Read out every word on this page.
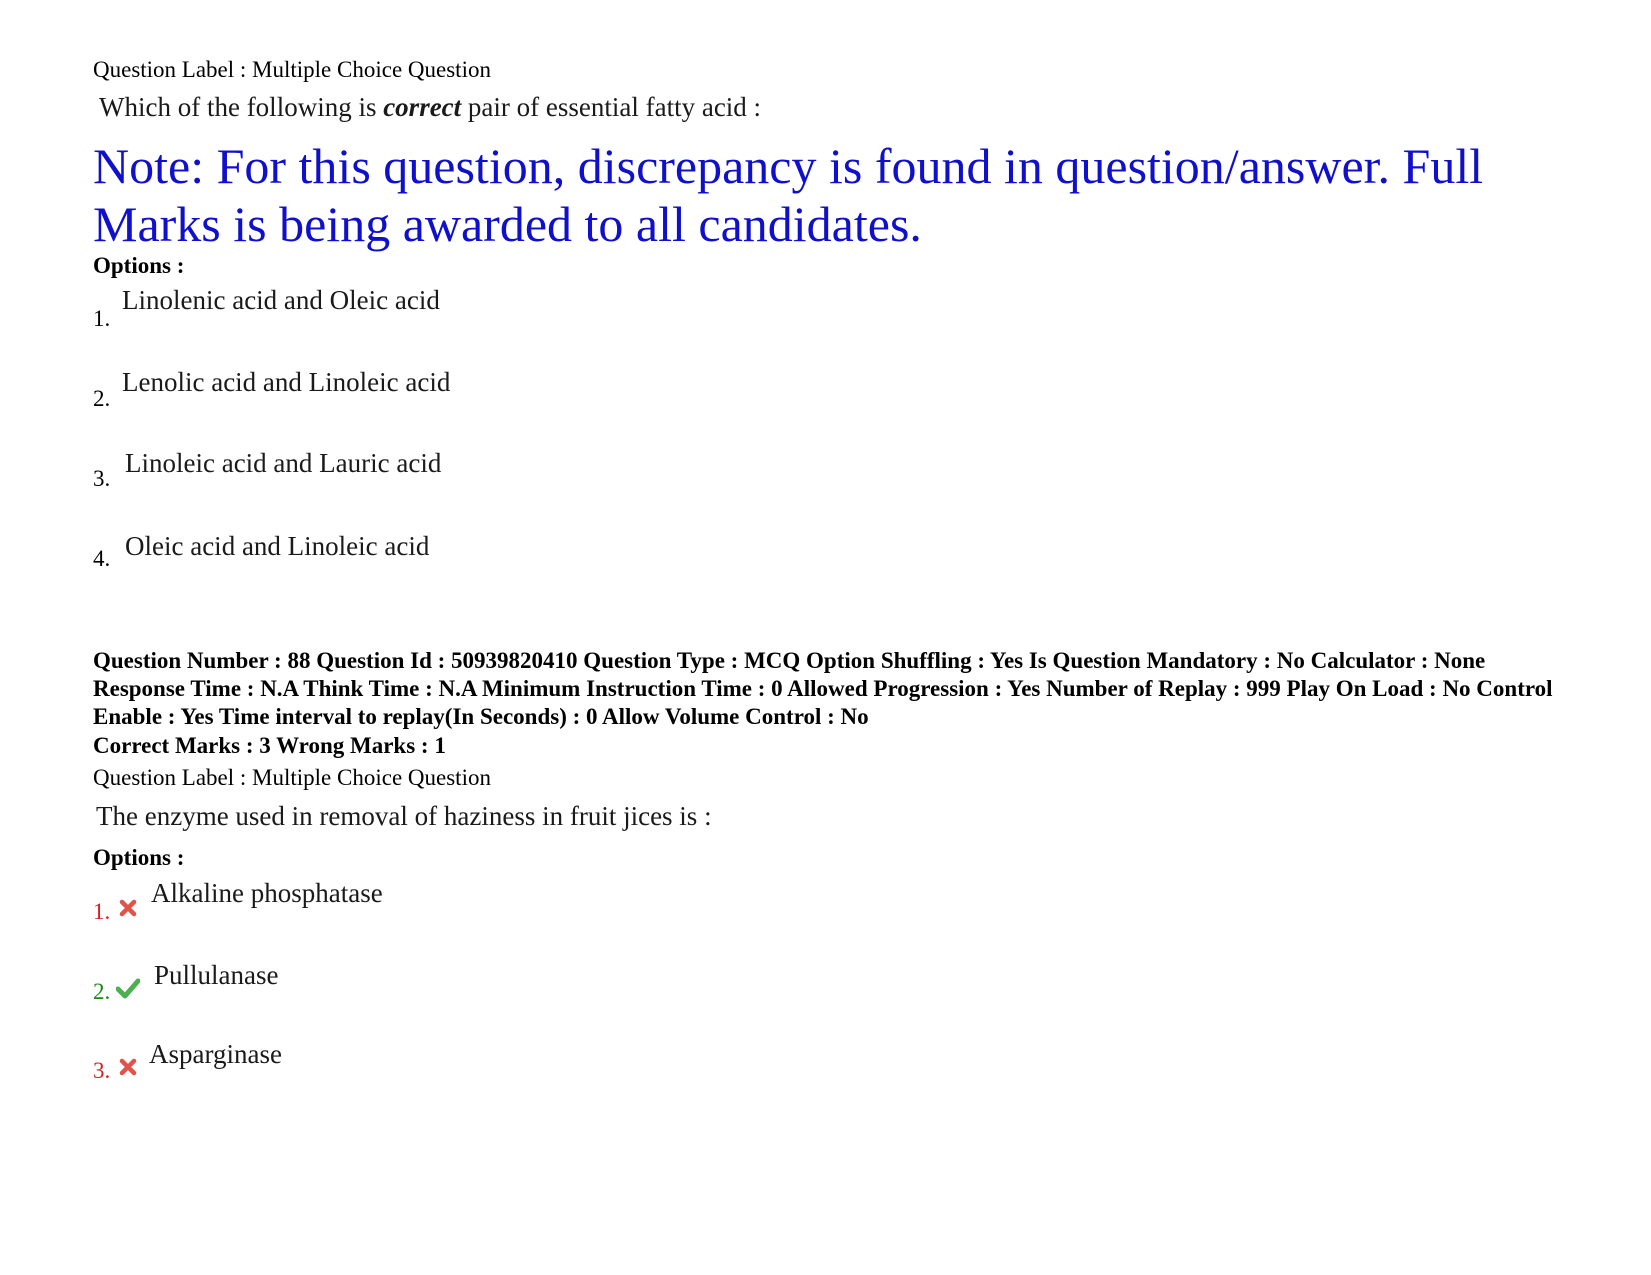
Question Label : Multiple Choice Question
Which of the following is correct pair of essential fatty acid :
Note: For this question, discrepancy is found in question/answer. Full Marks is being awarded to all candidates.
Options :
1.
Linolenic acid and Oleic acid
2.
Lenolic acid and Linoleic acid
3.
Linoleic acid and Lauric acid
4. Oleic acid and Linoleic acid
Question Number : 88 Question Id : 50939820410 Question Type : MCQ Option Shuffling : Yes Is Question Mandatory : No Calculator : None Response Time : N.A Think Time : N.A Minimum Instruction Time : 0 Allowed Progression : Yes Number of Replay : 999 Play On Load : No Control Enable : Yes Time interval to replay(In Seconds) : 0 Allow Volume Control : No
Correct Marks : 3 Wrong Marks : 1
Question Label : Multiple Choice Question
The enzyme used in removal of haziness in fruit jices is :
Options :
1.
Alkaline phosphatase
2.
Pullulanase
3.
Asparginase
